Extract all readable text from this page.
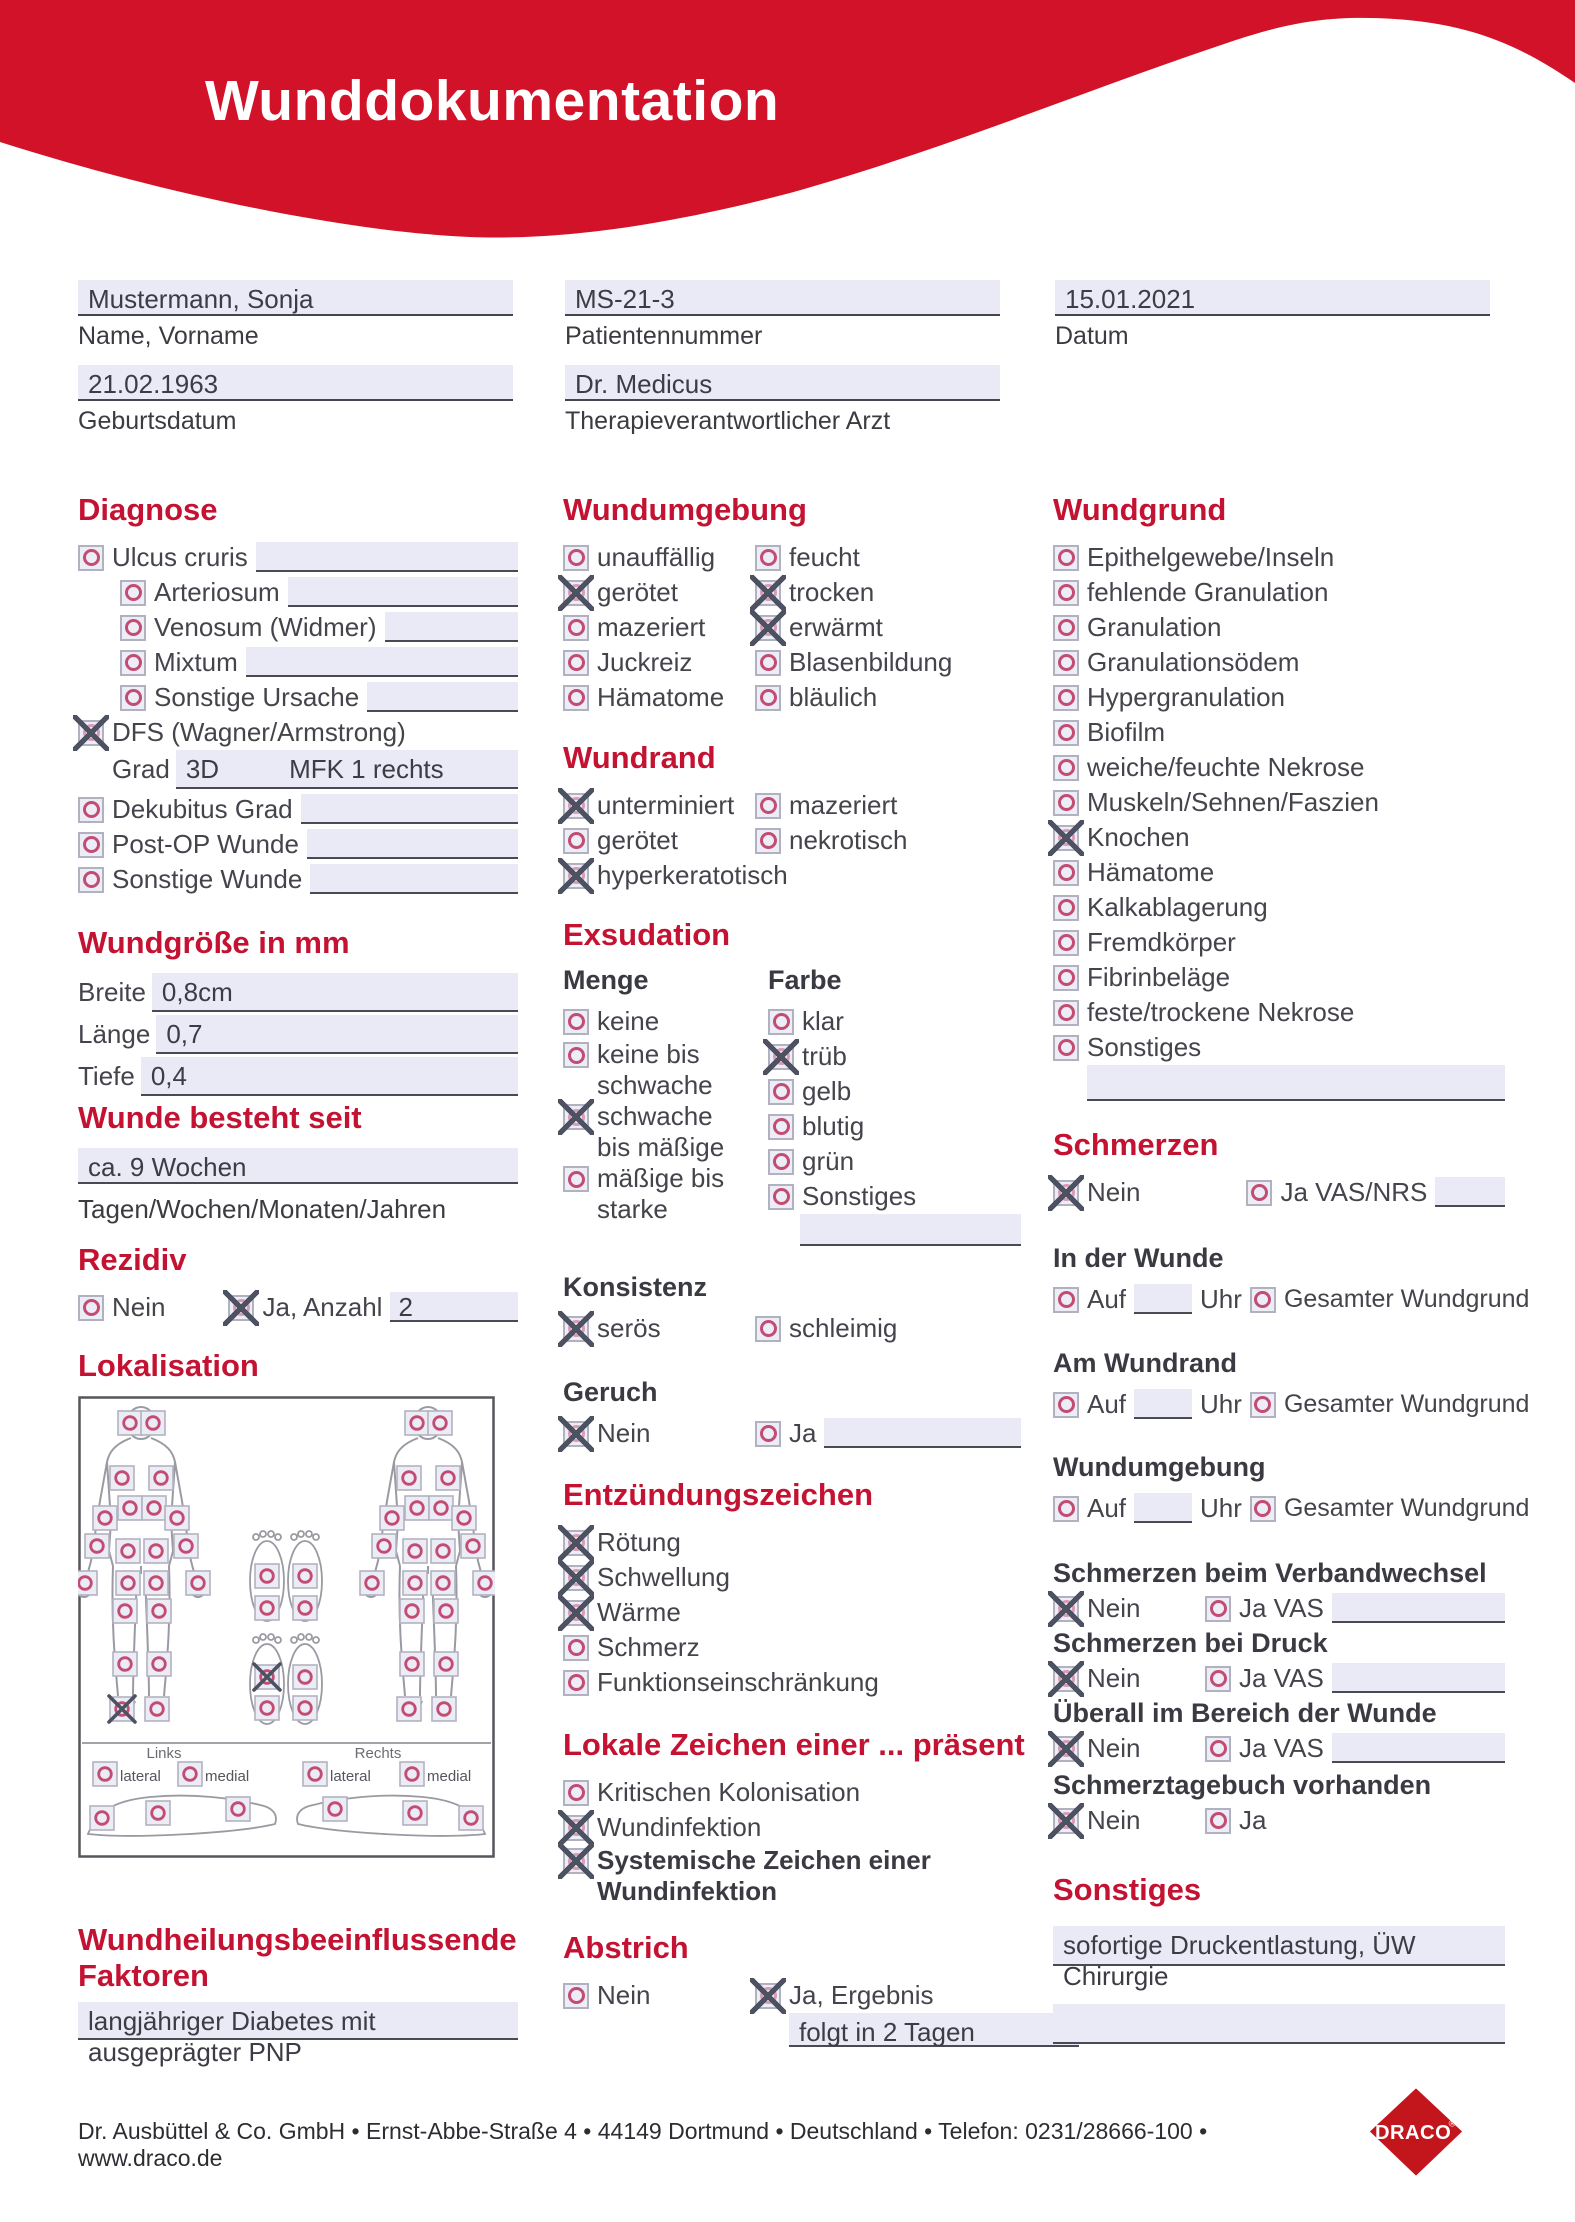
Wunddokumentation
Mustermann, Sonja
Name, Vorname
MS-21-3
Patientennummer
15.01.2021
Datum
21.02.1963
Geburtsdatum
Dr. Medicus
Therapieverantwortlicher Arzt
Diagnose
Ulcus cruris
Arteriosum
Venosum (Widmer)
Mixtum
Sonstige Ursache
DFS (Wagner/Armstrong)
Grad 3D	MFK 1 rechts
Dekubitus Grad
Post-OP Wunde
Sonstige Wunde
Wundgröße in mm
Breite 0,8cm
Länge 0,7
Tiefe 0,4
Wunde besteht seit
ca. 9 Wochen
Tagen/Wochen/Monaten/Jahren
Rezidiv
Nein	Ja, Anzahl 2
Lokalisation
Links	Rechts
lateral	medial	lateral	medial
Wundheilungsbeeinflussende Faktoren
langjähriger Diabetes mit ausgeprägter PNP
Wundumgebung
unauffällig
gerötet
mazeriert
Juckreiz
Hämatome
feucht
trocken
erwärmt
Blasenbildung
bläulich
Wundrand
unterminiert
gerötet
hyperkeratotisch
mazeriert
nekrotisch
Exsudation
Menge
keine
keine bis schwache
schwache bis mäßige
mäßige bis starke
Farbe
klar
trüb
gelb
blutig
grün
Sonstiges
Konsistenz
serös	schleimig
Geruch
Nein	Ja
Entzündungszeichen
Rötung
Schwellung
Wärme
Schmerz
Funktionseinschränkung
Lokale Zeichen einer ... präsent
Kritischen Kolonisation
Wundinfektion
Systemische Zeichen einer Wundinfektion
Abstrich
Nein	Ja, Ergebnis
folgt in 2 Tagen
Wundgrund
Epithelgewebe/Inseln
fehlende Granulation
Granulation
Granulationsödem
Hypergranulation
Biofilm
weiche/feuchte Nekrose
Muskeln/Sehnen/Faszien
Knochen
Hämatome
Kalkablagerung
Fremdkörper
Fibrinbeläge
feste/trockene Nekrose
Sonstiges
Schmerzen
Nein	Ja VAS/NRS
In der Wunde
Auf	Uhr Gesamter Wundgrund
Am Wundrand
Auf	Uhr Gesamter Wundgrund
Wundumgebung
Auf	Uhr Gesamter Wundgrund
Schmerzen beim Verbandwechsel
Nein	Ja VAS
Schmerzen bei Druck
Nein	Ja VAS
Überall im Bereich der Wunde
Nein	Ja VAS
Schmerztagebuch vorhanden
Nein	Ja
Sonstiges
sofortige Druckentlastung, ÜW Chirurgie
Dr. Ausbüttel & Co. GmbH • Ernst-Abbe-Straße 4 • 44149 Dortmund • Deutschland • Telefon: 0231/28666-100 • www.draco.de
DRACO
®
